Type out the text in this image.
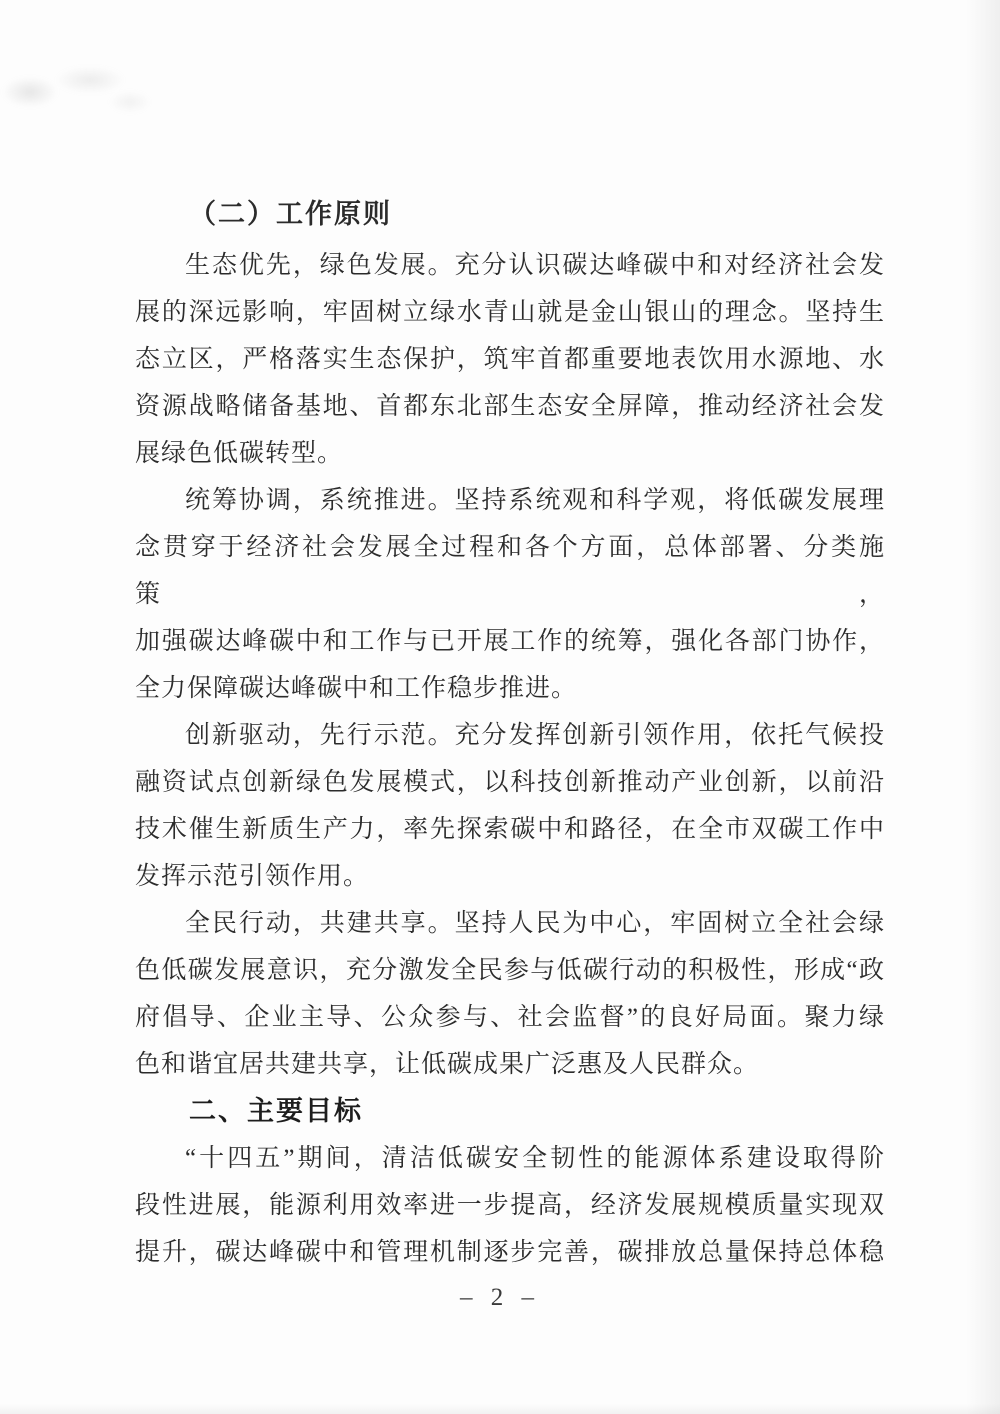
（二）工作原则
生态优先，绿色发展。充分认识碳达峰碳中和对经济社会发
展的深远影响，牢固树立绿水青山就是金山银山的理念。坚持生
态立区，严格落实生态保护，筑牢首都重要地表饮用水源地、水
资源战略储备基地、首都东北部生态安全屏障，推动经济社会发
展绿色低碳转型。
统筹协调，系统推进。坚持系统观和科学观，将低碳发展理
念贯穿于经济社会发展全过程和各个方面，总体部署、分类施策，
加强碳达峰碳中和工作与已开展工作的统筹，强化各部门协作，
全力保障碳达峰碳中和工作稳步推进。
创新驱动，先行示范。充分发挥创新引领作用，依托气候投
融资试点创新绿色发展模式，以科技创新推动产业创新，以前沿
技术催生新质生产力，率先探索碳中和路径，在全市双碳工作中
发挥示范引领作用。
全民行动，共建共享。坚持人民为中心，牢固树立全社会绿
色低碳发展意识，充分激发全民参与低碳行动的积极性，形成“政
府倡导、企业主导、公众参与、社会监督”的良好局面。聚力绿
色和谐宜居共建共享，让低碳成果广泛惠及人民群众。
二、主要目标
“十四五”期间，清洁低碳安全韧性的能源体系建设取得阶
段性进展，能源利用效率进一步提高，经济发展规模质量实现双
提升，碳达峰碳中和管理机制逐步完善，碳排放总量保持总体稳
– 2 –
